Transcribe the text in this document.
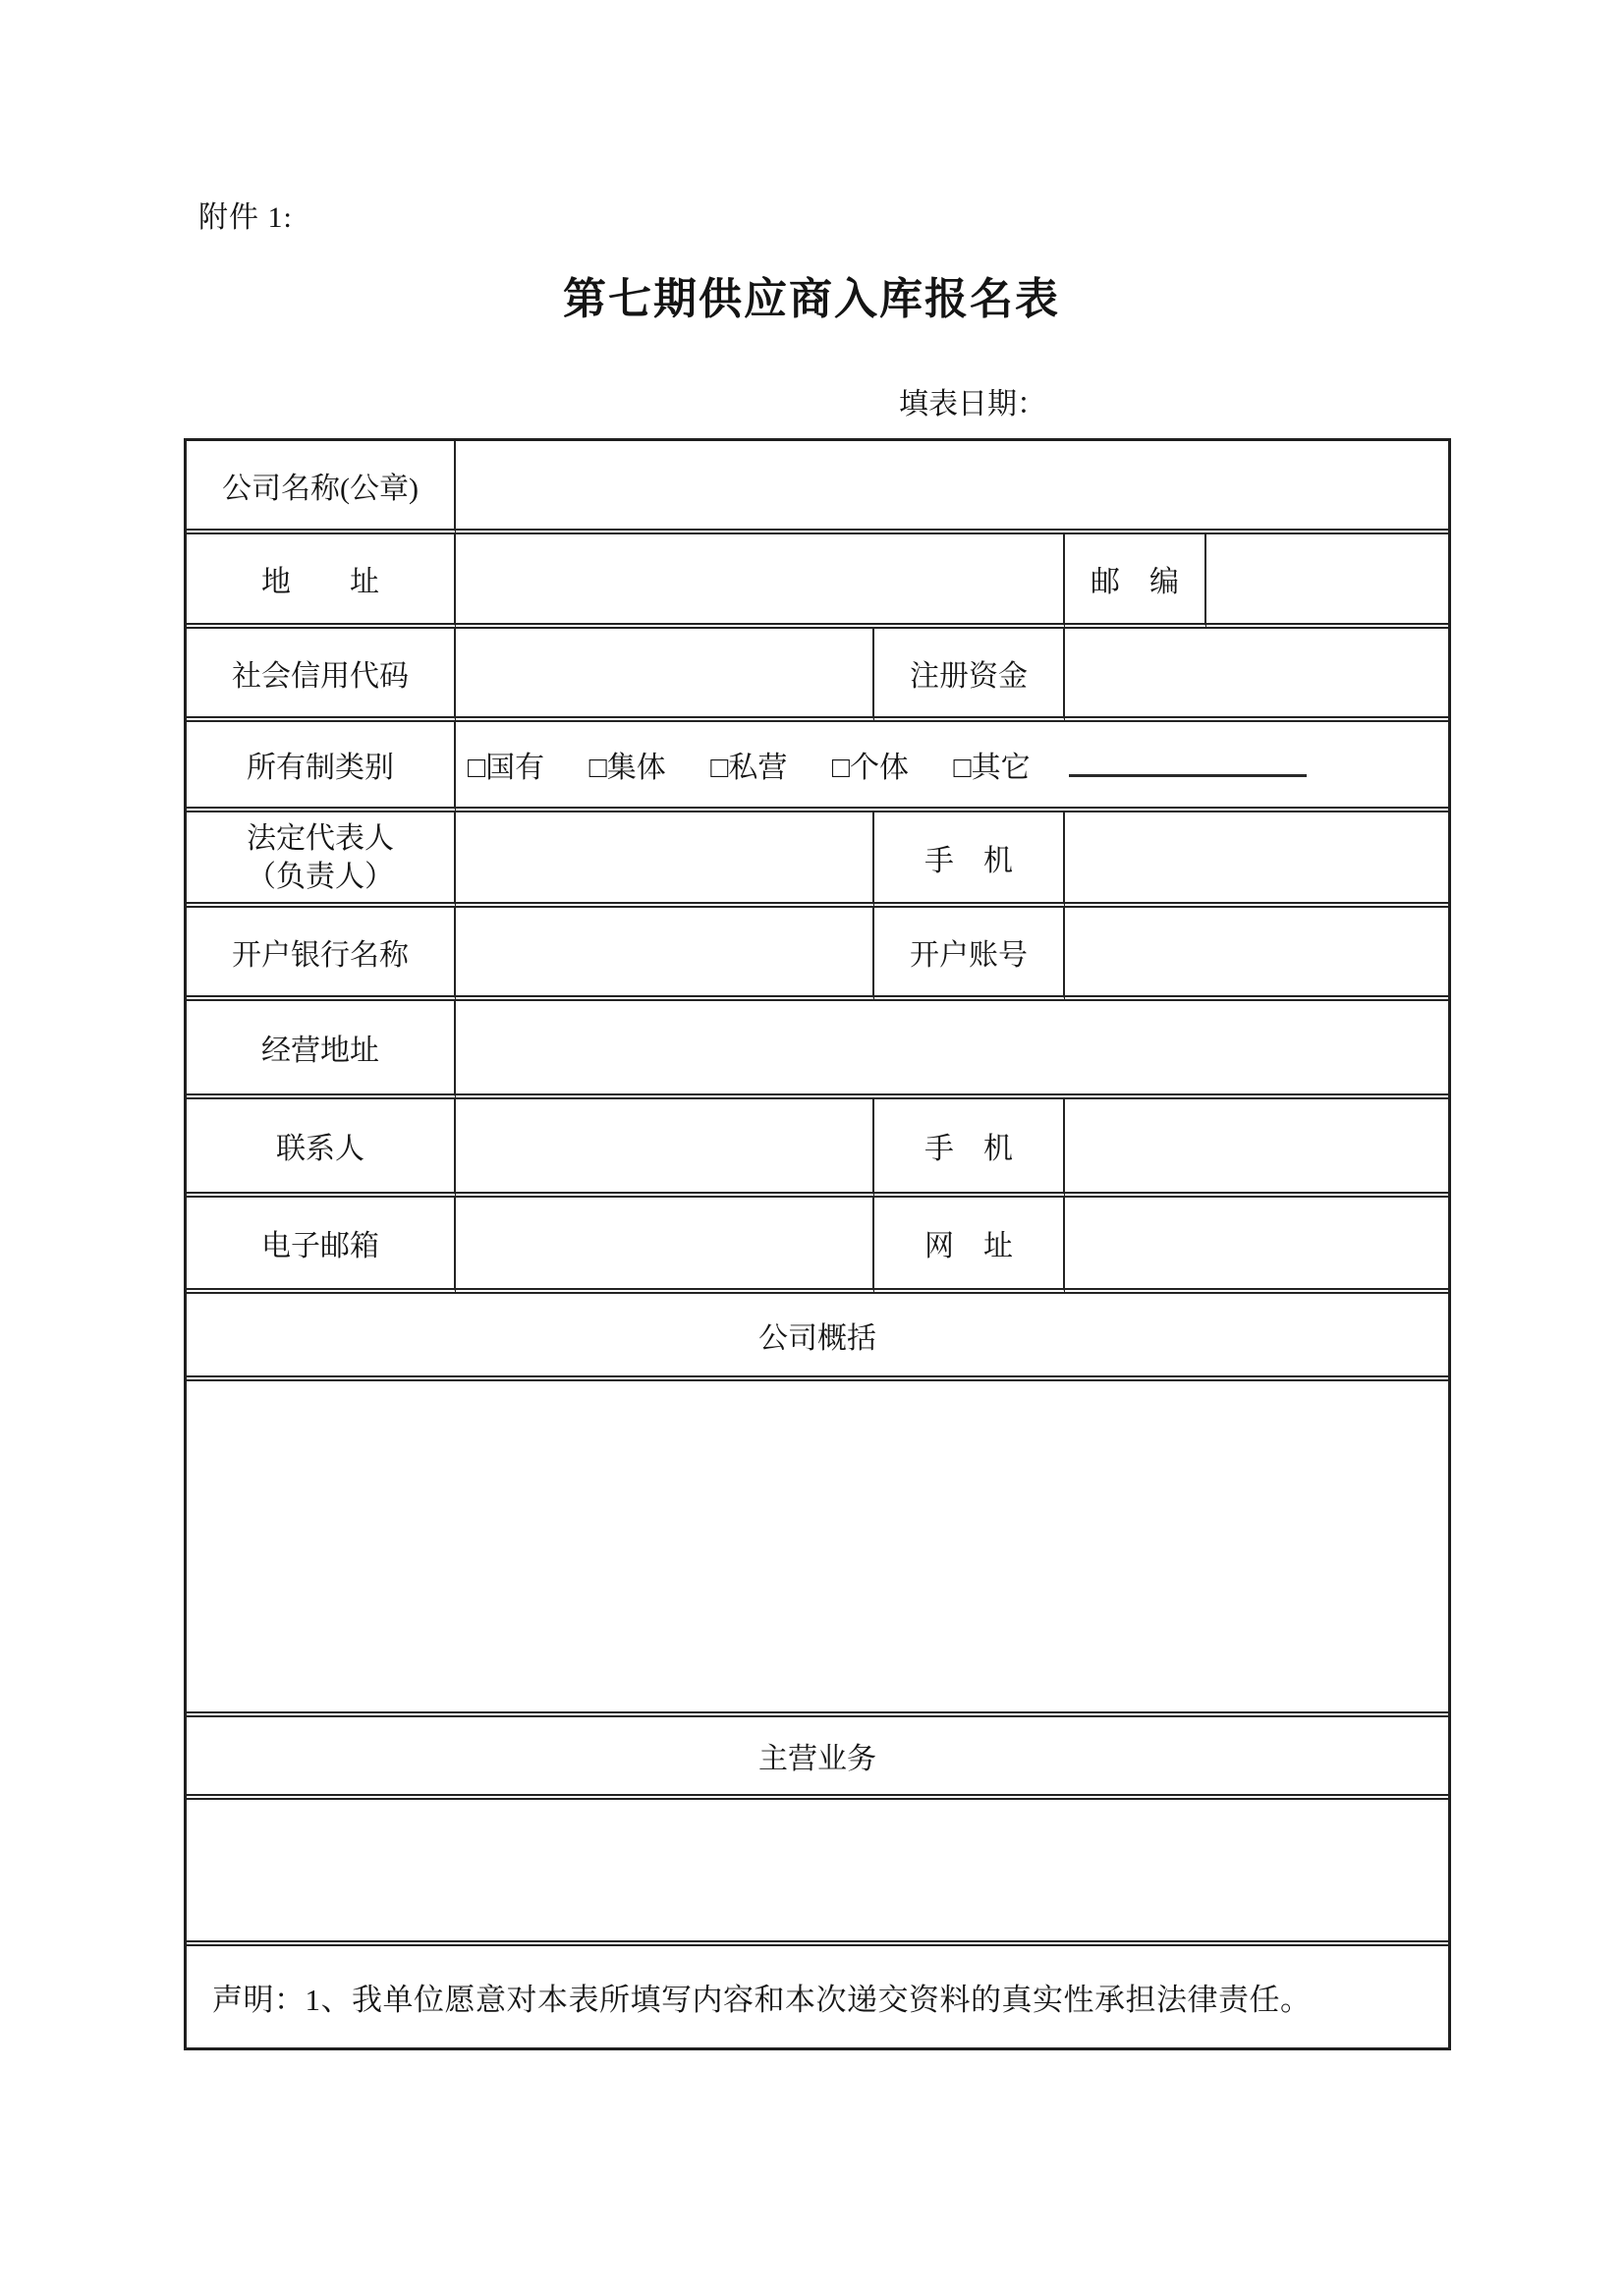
附件 1:
第七期供应商入库报名表
填表日期：
公司名称(公章)				
地　　址			邮　编	
社会信用代码		注册资金		
所有制类别	□国有 □集体 □私营 □个体 □其它			

法定代表人
（负责人）		手　机		
开户银行名称		开户账号		
经营地址				
联系人		手　机		
电子邮箱		网　址		
公司概括				

主营业务				

声明：1、我单位愿意对本表所填写内容和本次递交资料的真实性承担法律责任。				
